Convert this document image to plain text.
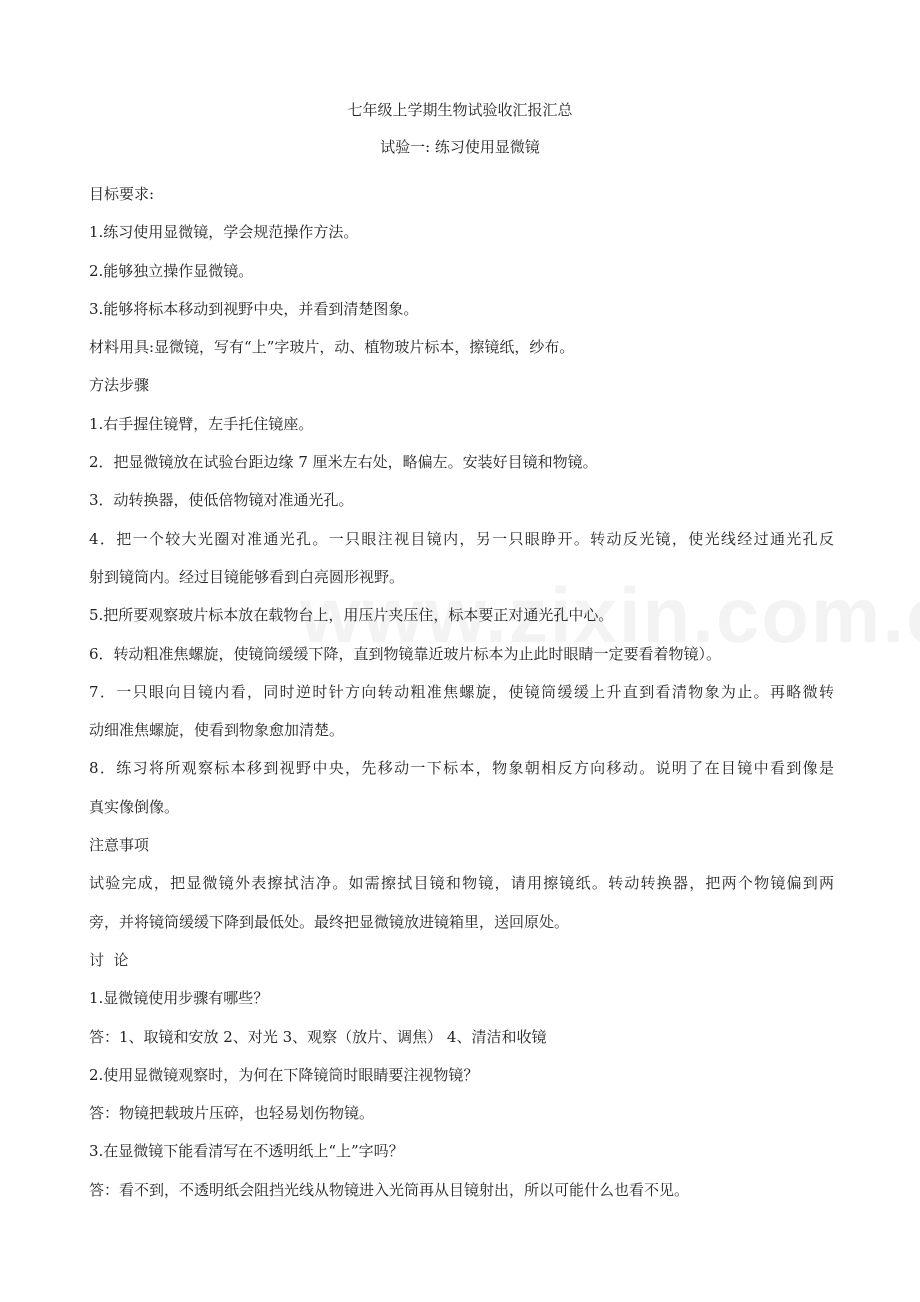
七年级上学期生物试验收汇报汇总
试验一: 练习使用显微镜
目标要求:
1.练习使用显微镜，学会规范操作方法。
2.能够独立操作显微镜。
3.能够将标本移动到视野中央，并看到清楚图象。
材料用具:显微镜，写有“上”字玻片，动、植物玻片标本，擦镜纸，纱布。
方法步骤
1.右手握住镜臂，左手托住镜座。
2．把显微镜放在试验台距边缘 7 厘米左右处，略偏左。安装好目镜和物镜。
3．动转换器，使低倍物镜对准通光孔。
4．把一个较大光圈对准通光孔。一只眼注视目镜内，另一只眼睁开。转动反光镜，使光线经过通光孔反
射到镜筒内。经过目镜能够看到白亮圆形视野。
5.把所要观察玻片标本放在载物台上，用压片夹压住，标本要正对通光孔中心。
6．转动粗准焦螺旋，使镜筒缓缓下降，直到物镜靠近玻片标本为止此时眼睛一定要看着物镜）。
7．一只眼向目镜内看，同时逆时针方向转动粗准焦螺旋，使镜筒缓缓上升直到看清物象为止。再略微转
动细准焦螺旋，使看到物象愈加清楚。
8．练习将所观察标本移到视野中央，先移动一下标本，物象朝相反方向移动。说明了在目镜中看到像是
真实像倒像。
注意事项
试验完成，把显微镜外表擦拭洁净。如需擦拭目镜和物镜，请用擦镜纸。转动转换器，把两个物镜偏到两
旁，并将镜筒缓缓下降到最低处。最终把显微镜放进镜箱里，送回原处。
讨  论
1.显微镜使用步骤有哪些？
答：1、取镜和安放 2、对光 3、观察（放片、调焦） 4、清洁和收镜
2.使用显微镜观察时，为何在下降镜筒时眼睛要注视物镜？
答：物镜把载玻片压碎，也轻易划伤物镜。
3.在显微镜下能看清写在不透明纸上“上”字吗？
答：看不到，不透明纸会阻挡光线从物镜进入光筒再从目镜射出，所以可能什么也看不见。
